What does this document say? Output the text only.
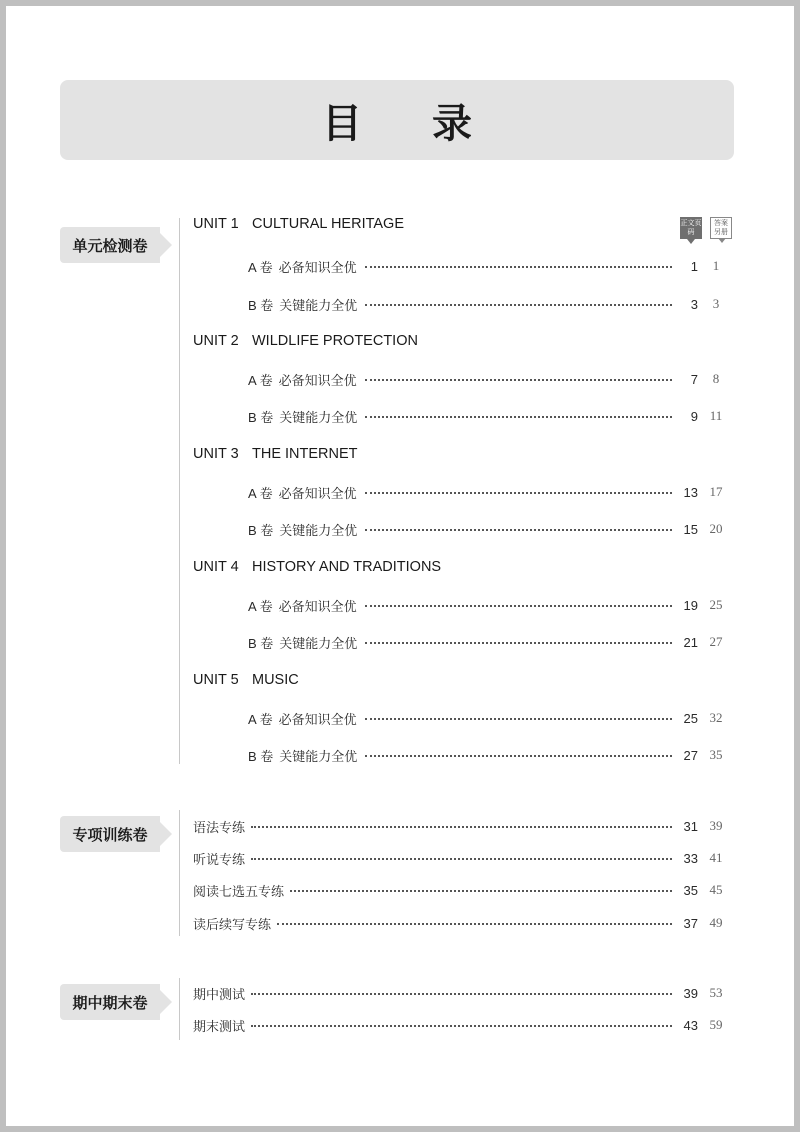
目 录
正文页码
答案另册
单元检测卷
UNIT 1 CULTURAL HERITAGE
A 卷 必备知识全优	1	1
B 卷 关键能力全优	3	3
UNIT 2 WILDLIFE PROTECTION
A 卷 必备知识全优	7	8
B 卷 关键能力全优	9 11
UNIT 3 THE INTERNET
A 卷 必备知识全优	13 17
B 卷 关键能力全优	15 20
UNIT 4 HISTORY AND TRADITIONS
A 卷 必备知识全优	19 25
B 卷 关键能力全优	21 27
UNIT 5 MUSIC
A 卷 必备知识全优	25 32
B 卷 关键能力全优	27 35
专项训练卷	语法专练	31 39
听说专练	33 41
阅读七选五专练	35 45
读后续写专练	37 49
期中期末卷	期中测试	39 53
期末测试	43 59
